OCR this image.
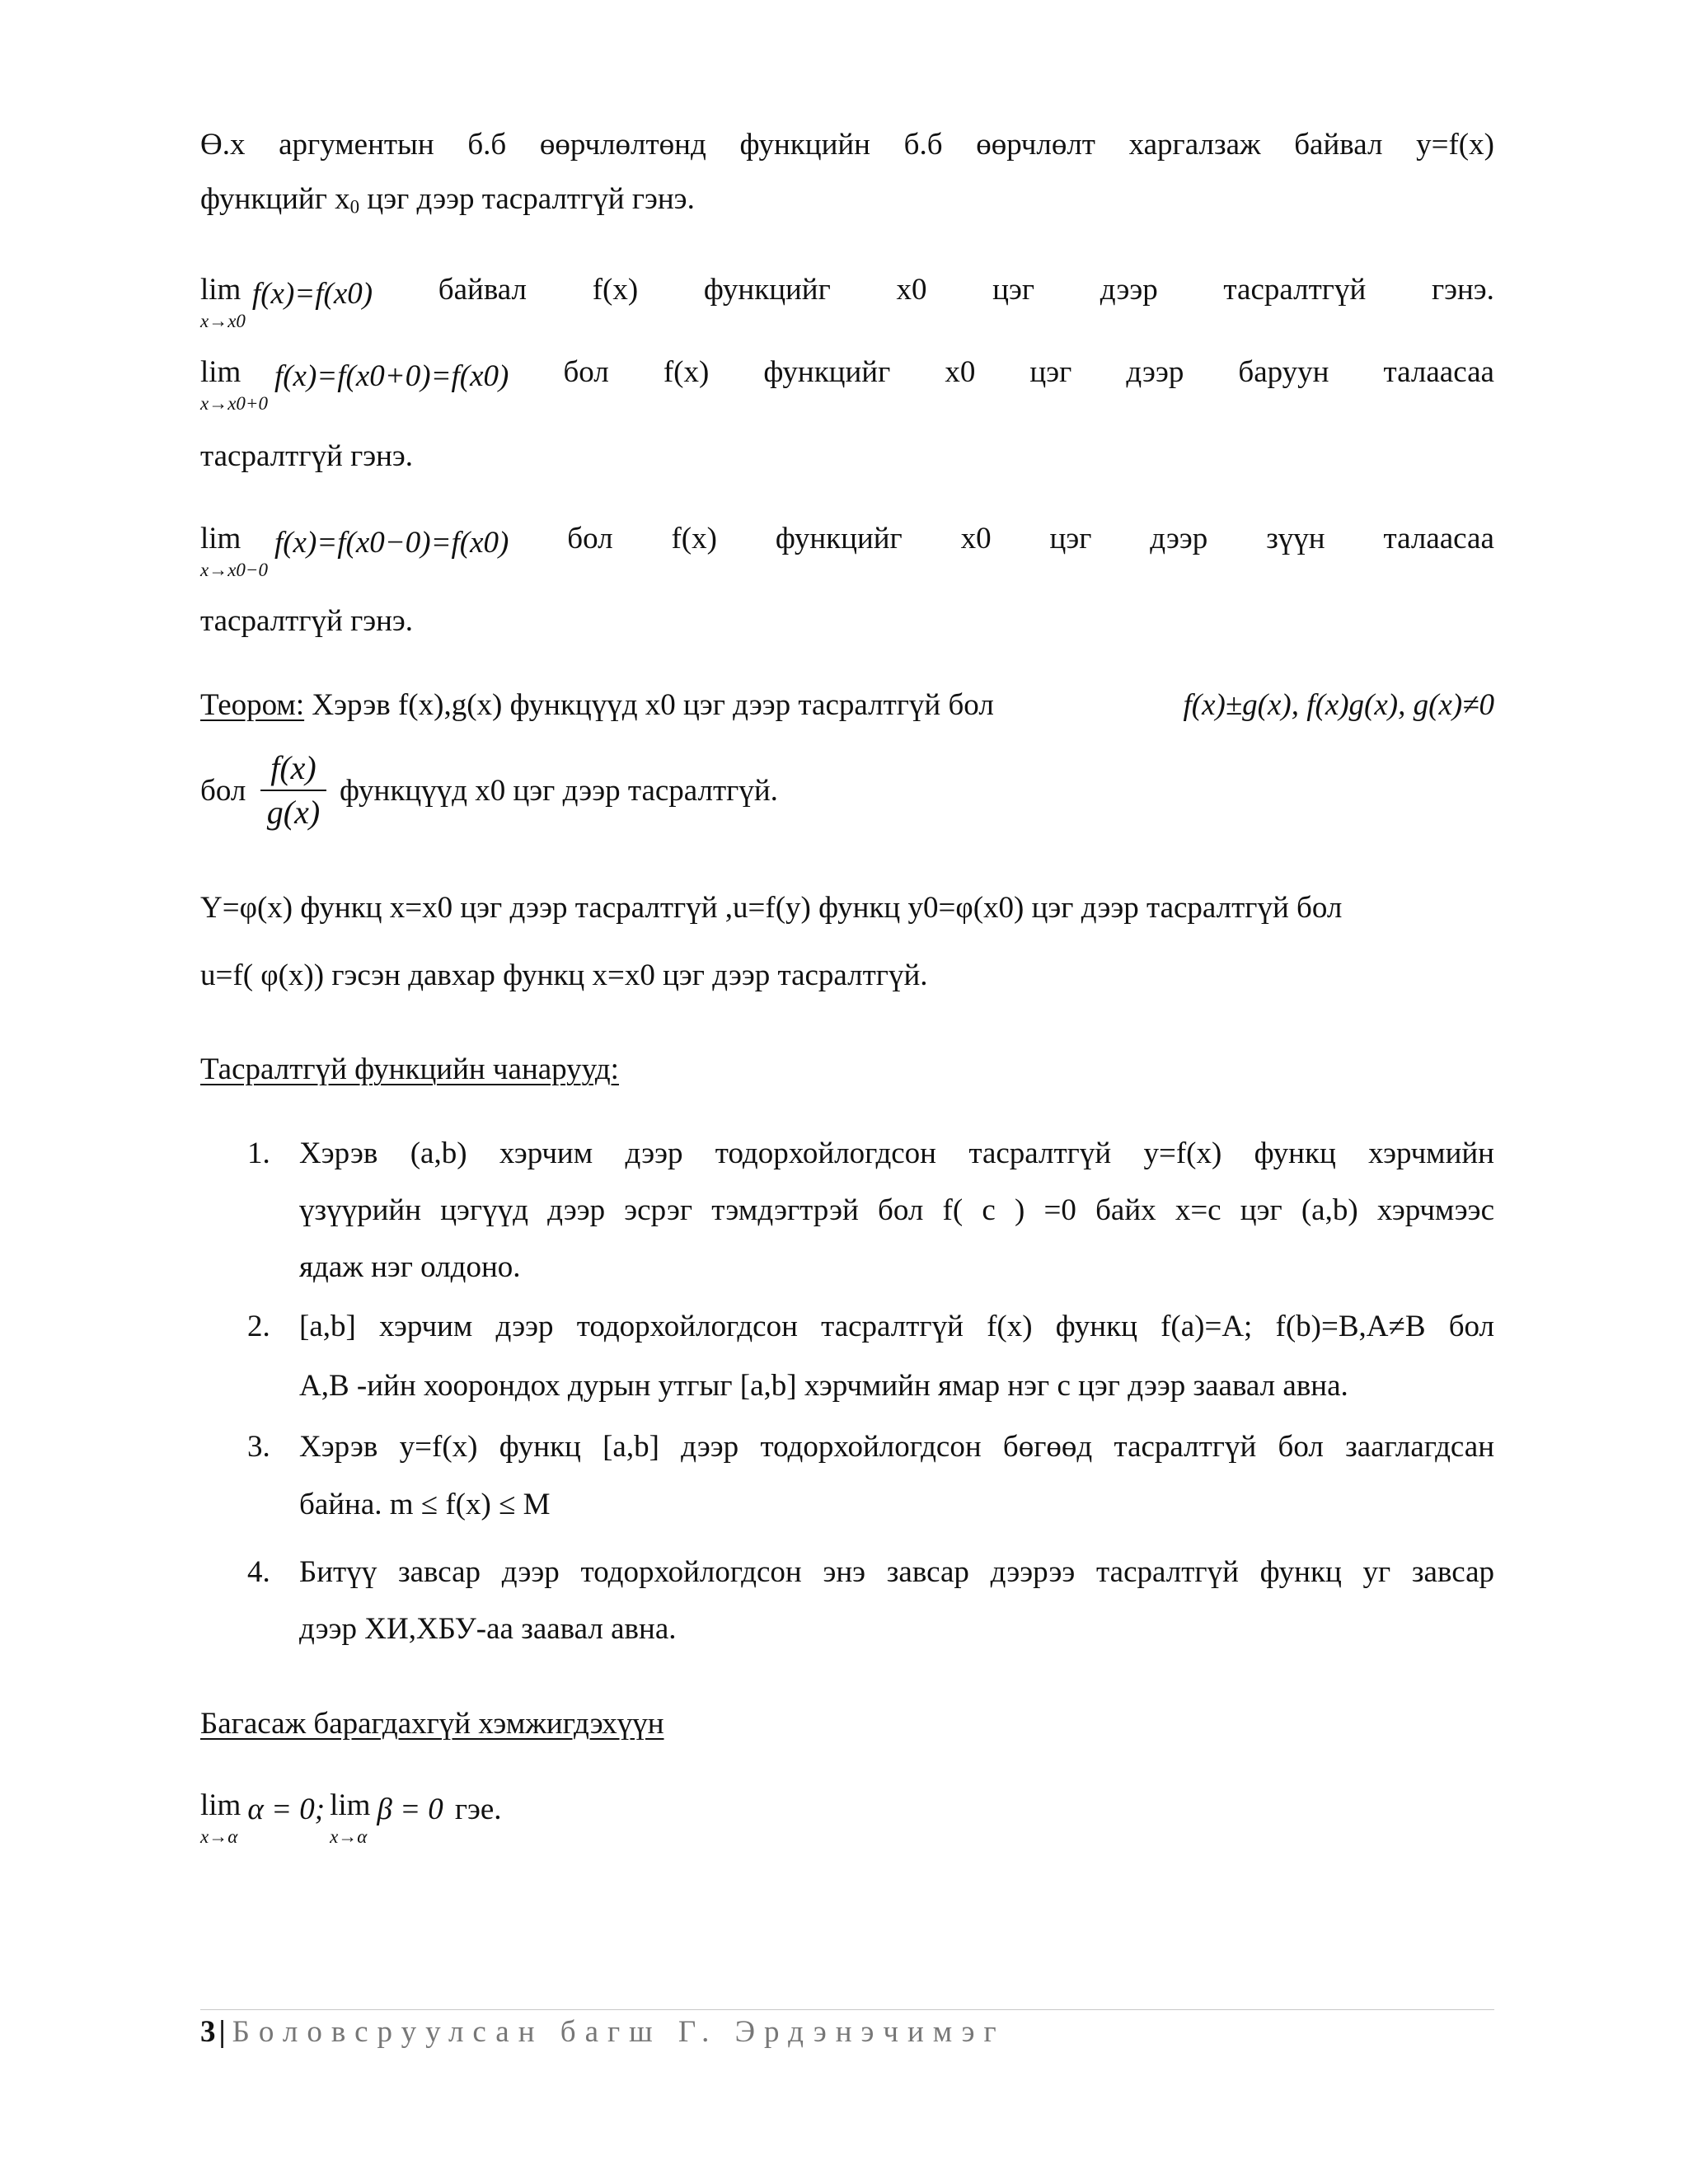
Ө.х аргументын б.б өөрчлөлтөнд функцийн б.б өөрчлөлт харгалзаж байвал y=f(x)
функцийг $x_0$ цэг дээр тасралтгүй гэнэ.
lim
x→x0
f(x)=f(x0) байвал f(x) функцийг x0 цэг дээр тасралтгүй гэнэ.
lim
x→x0+0
f(x)=f(x0+0)=f(x0) бол f(x) функцийг x0 цэг дээр баруун талаасаа
тасралтгүй гэнэ.
lim
x→x0−0
f(x)=f(x0−0)=f(x0) бол f(x) функцийг x0 цэг дээр зүүн талаасаа
тасралтгүй гэнэ.
Теором: Хэрэв f(x),g(x) функцүүд x0 цэг дээр тасралтгүй бол	f(x)±g(x), f(x)g(x), g(x)≠0
бол
f(x)
g(x)
функцүүд x0 цэг дээр тасралтгүй.
Y=φ(x) функц x=x0 цэг дээр тасралтгүй ,u=f(y) функц y0=φ(x0) цэг дээр тасралтгүй бол
u=f( φ(x)) гэсэн давхар функц x=x0 цэг дээр тасралтгүй.
Тасралтгүй функцийн чанарууд:
1. Хэрэв (a,b) хэрчим дээр тодорхойлогдсон тасралтгүй y=f(x) функц хэрчмийн
үзүүрийн цэгүүд дээр эсрэг тэмдэгтрэй бол f( c ) =0 байх x=c цэг (a,b) хэрчмээс
ядаж нэг олдоно.
2. [a,b] хэрчим дээр тодорхойлогдсон тасралтгүй f(x) функц f(a)=A; f(b)=B,A≠B бол
A,B -ийн хоорондох дурын утгыг [a,b] хэрчмийн ямар нэг c цэг дээр заавал авна.
3. Хэрэв y=f(x) функц [a,b] дээр тодорхойлогдсон бөгөөд тасралтгүй бол зааглагдсан
байна. m ≤ f(x) ≤ M
4. Битүү завсар дээр тодорхойлогдсон энэ завсар дээрээ тасралтгүй функц уг завсар
дээр ХИ,ХБУ-аа заавал авна.
Багасаж барагдахгүй хэмжигдэхүүн
lim
x→α
α = 0; lim
x→α
β = 0 гэе.
3 | Боловсруулсан багш Г. Эрдэнэчимэг
